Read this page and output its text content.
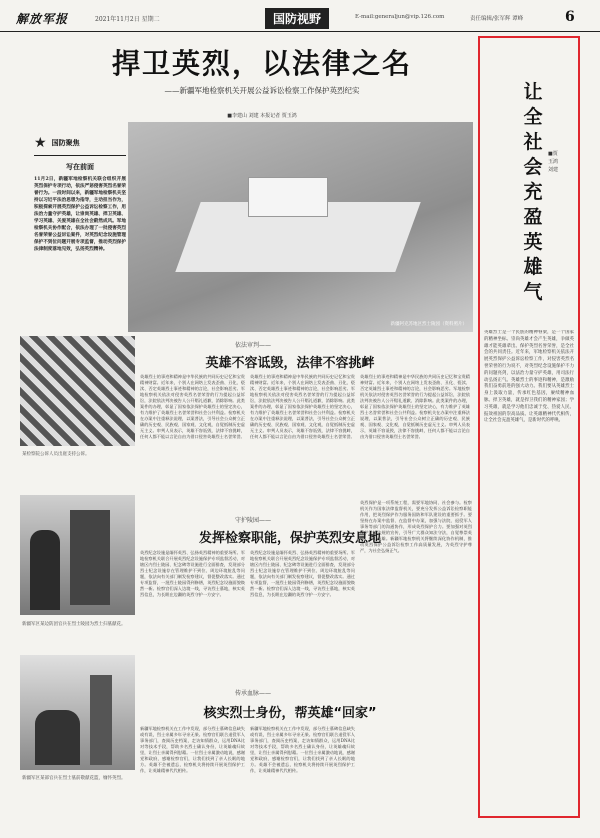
解放军报	2021年11月2日 星期二	国防视野	E-mail:generaljun@vip.126.com	责任编辑/张军辉 谭峰	6
捍卫英烈，以法律之名
——新疆军地检察机关开展公益诉讼检察工作保护英烈纪实
■李建山 刘建 本报记者 贾玉鸿
★ 国防聚焦
写在前面
11月2日，新疆军地检察机关联合组织开展英烈保护专项行动，依法严惩侵害英烈名誉荣誉行为。一段时间以来，新疆军地检察机关坚持以习近平法治思想为指导，主动担当作为，积极探索开展英烈保护公益诉讼检察工作，用法治力量守护英雄，让崇尚英雄、捍卫英雄、学习英雄、关爱英雄在全社会蔚然成风。军地检察机关协作配合，依法办理了一批侵害英烈名誉荣誉公益诉讼案件，对英烈纪念设施管理保护不到位问题开展专项监督，推动英烈保护法律制度落地见效，弘扬英烈精神。
新疆阿克苏地区烈士陵园（资料照片）
某检察院公诉人员出庭支持公诉。
依法审判——
英雄不容诋毁，法律不容挑衅
英雄烈士的事迹和精神是中华民族的共同历史记忆和宝贵精神财富。近年来，个别人在网络上发表歪曲、丑化、亵渎、否定英雄烈士事迹和精神的言论，社会影响恶劣。军地检察机关依法对侵害英烈名誉荣誉的行为提起公益诉讼，法院依法判决被告人公开赔礼道歉、消除影响。此类案件的办理，彰显了国家依法保护英雄烈士的坚定决心，有力维护了英雄烈士名誉荣誉和社会公共利益。检察机关在办案中注重释法说理，以案普法，引导社会公众树立正确的历史观、民族观、国家观、文化观，自觉抵制历史虚无主义。审判人员表示，英雄不容诋毁，法律不容挑衅，任何人都不能以言论自由为借口侵害英雄烈士名誉荣誉。
英雄烈士的事迹和精神是中华民族的共同历史记忆和宝贵精神财富。近年来，个别人在网络上发表歪曲、丑化、亵渎、否定英雄烈士事迹和精神的言论，社会影响恶劣。军地检察机关依法对侵害英烈名誉荣誉的行为提起公益诉讼，法院依法判决被告人公开赔礼道歉、消除影响。此类案件的办理，彰显了国家依法保护英雄烈士的坚定决心，有力维护了英雄烈士名誉荣誉和社会公共利益。检察机关在办案中注重释法说理，以案普法，引导社会公众树立正确的历史观、民族观、国家观、文化观，自觉抵制历史虚无主义。审判人员表示，英雄不容诋毁，法律不容挑衅，任何人都不能以言论自由为借口侵害英雄烈士名誉荣誉。
英雄烈士的事迹和精神是中华民族的共同历史记忆和宝贵精神财富。近年来，个别人在网络上发表歪曲、丑化、亵渎、否定英雄烈士事迹和精神的言论，社会影响恶劣。军地检察机关依法对侵害英烈名誉荣誉的行为提起公益诉讼，法院依法判决被告人公开赔礼道歉、消除影响。此类案件的办理，彰显了国家依法保护英雄烈士的坚定决心，有力维护了英雄烈士名誉荣誉和社会公共利益。检察机关在办案中注重释法说理，以案普法，引导社会公众树立正确的历史观、民族观、国家观、文化观，自觉抵制历史虚无主义。审判人员表示，英雄不容诋毁，法律不容挑衅，任何人都不能以言论自由为借口侵害英雄烈士名誉荣誉。
新疆军区某边防团官兵在烈士陵园为烈士扫墓献花。
守护陵园——
发挥检察职能，保护英烈安息地
英烈纪念设施是缅怀英烈、弘扬英烈精神的重要场所。军地检察机关联合开展英烈纪念设施保护专项监督活动，对辖区内烈士陵园、纪念碑等设施进行全面排查，发现部分烈士纪念设施存在管理维护不到位、周边环境脏乱等问题，依法向有关部门制发检察建议，督促整改落实。通过专项监督，一批烈士陵园得到修缮，英烈纪念设施面貌焕然一新。检察官们深入边境一线，寻访烈士墓地，核实英烈信息，为长眠在边疆的英烈守护一方安宁。
英烈纪念设施是缅怀英烈、弘扬英烈精神的重要场所。军地检察机关联合开展英烈纪念设施保护专项监督活动，对辖区内烈士陵园、纪念碑等设施进行全面排查，发现部分烈士纪念设施存在管理维护不到位、周边环境脏乱等问题，依法向有关部门制发检察建议，督促整改落实。通过专项监督，一批烈士陵园得到修缮，英烈纪念设施面貌焕然一新。检察官们深入边境一线，寻访烈士墓地，核实英烈信息，为长眠在边疆的英烈守护一方安宁。
新疆军区某部官兵在烈士墓前敬献花篮，缅怀英烈。
传承血脉——
核实烈士身份，帮英雄“回家”
新疆军地检察机关在工作中发现，部分烈士墓碑信息缺失或有误，烈士亲属多年寻亲无果。检察官们联合退役军人事务部门，查阅历史档案，走访知情群众，运用DNA比对等技术手段，帮助多名烈士确认身份，让英雄魂归故里，让烈士亲属得到慰藉。一位烈士亲属激动地说，感谢党和政府，感谢检察官们，让我们找到了亲人长眠的地方。英雄不会被遗忘，检察机关将持续开展英烈保护工作，让英雄精神代代相传。
新疆军地检察机关在工作中发现，部分烈士墓碑信息缺失或有误，烈士亲属多年寻亲无果。检察官们联合退役军人事务部门，查阅历史档案，走访知情群众，运用DNA比对等技术手段，帮助多名烈士确认身份，让英雄魂归故里，让烈士亲属得到慰藉。一位烈士亲属激动地说，感谢党和政府，感谢检察官们，让我们找到了亲人长眠的地方。英雄不会被遗忘，检察机关将持续开展英烈保护工作，让英雄精神代代相传。
英烈保护是一项系统工程，需要军地协同、社会参与。检察机关作为国家法律监督机关，要充分发挥公益诉讼检察职能作用，把英烈保护作为服务国防和军队建设的重要抓手。要坚持在办案中监督、在监督中办案，加强与法院、退役军人事务等部门的沟通协作，形成英烈保护合力。要加强对英烈保护法律法规的宣传，引导广大群众知法守法，自觉尊崇英雄、捍卫英雄。新疆军地检察机关将继续深化协作机制，推动英烈保护公益诉讼检察工作高质量发展，为英烈守护尊严，为社会弘扬正气。
让全社会充盈英雄气
■贾玉鸿 刘建
英雄烈士是一个民族的精神脊梁，是一个国家的精神坐标。崇尚英雄才会产生英雄，争做英雄才能英雄辈出。保护英烈名誉荣誉，是全社会的共同责任。近年来，军地检察机关依法开展英烈保护公益诉讼检察工作，对侵害英烈名誉荣誉的行为说不，对英烈纪念设施保护不力的问题亮剑，以法治力量守护英雄，用司法行动弘扬正气。英雄烈士的事迹和精神，是激励我们奋勇前进的强大动力。我们要从英雄烈士身上汲取力量，传承红色基因，赓续精神血脉。捍卫英雄，就是捍卫我们的精神家园；学习英雄，就是学习他们忠诚于党、热爱人民、报效祖国的崇高品质。让英雄精神代代相传，让全社会充盈英雄气，是新时代的呼唤。
